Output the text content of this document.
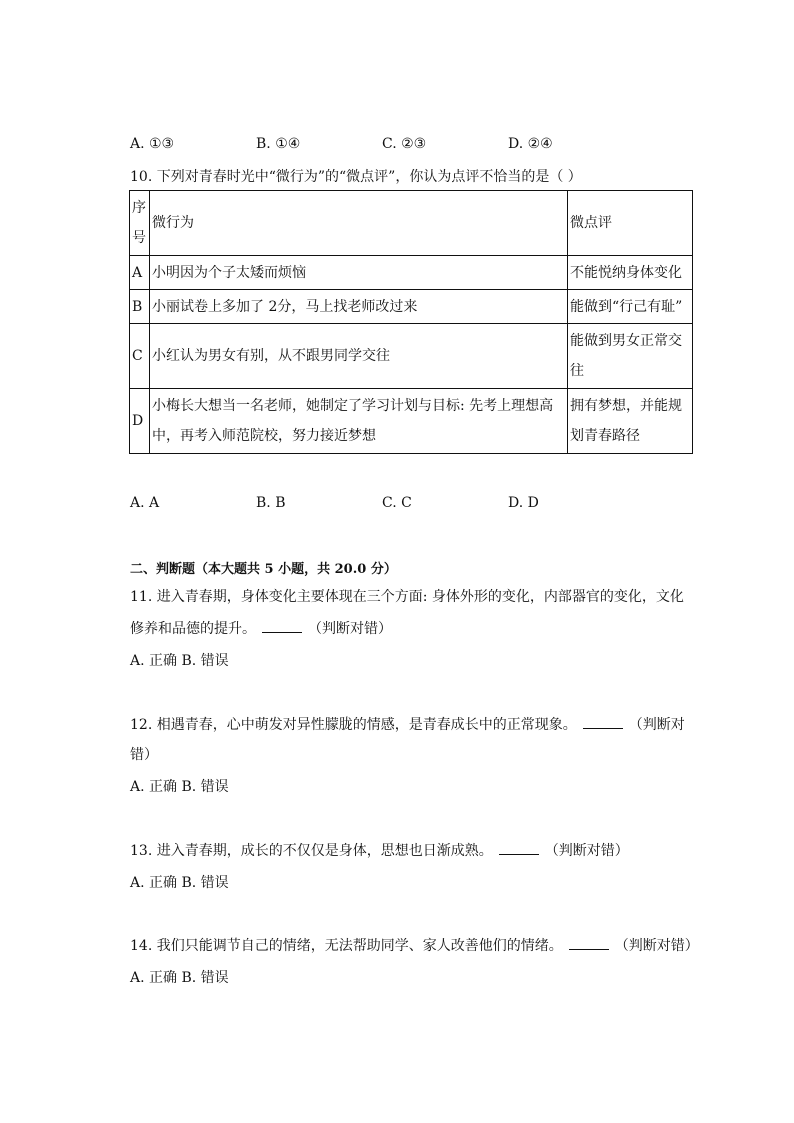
A. ①③	B. ①④	C. ②③	D. ②④
10. 下列对青春时光中“微行为”的“微点评”，你认为点评不恰当的是（ ）
序号	微行为	微点评
A	小明因为个子太矮而烦恼	不能悦纳身体变化
B	小丽试卷上多加了 2分，马上找老师改过来	能做到“行己有耻”
C	小红认为男女有别，从不跟男同学交往	能做到男女正常交往
D	小梅长大想当一名老师，她制定了学习计划与目标: 先考上理想高中，再考入师范院校，努力接近梦想	拥有梦想，并能规划青春路径
A. A	B. B	C. C	D. D
二、判断题（本大题共 5 小题，共 20.0 分）
11. 进入青春期，身体变化主要体现在三个方面: 身体外形的变化，内部器官的变化，文化
修养和品德的提升。	（判断对错）
A. 正确 B. 错误
12. 相遇青春，心中萌发对异性朦胧的情感，是青春成长中的正常现象。	（判断对
错）
A. 正确 B. 错误
13. 进入青春期，成长的不仅仅是身体，思想也日渐成熟。	（判断对错）
A. 正确 B. 错误
14. 我们只能调节自己的情绪，无法帮助同学、家人改善他们的情绪。	（判断对错）
A. 正确 B. 错误
